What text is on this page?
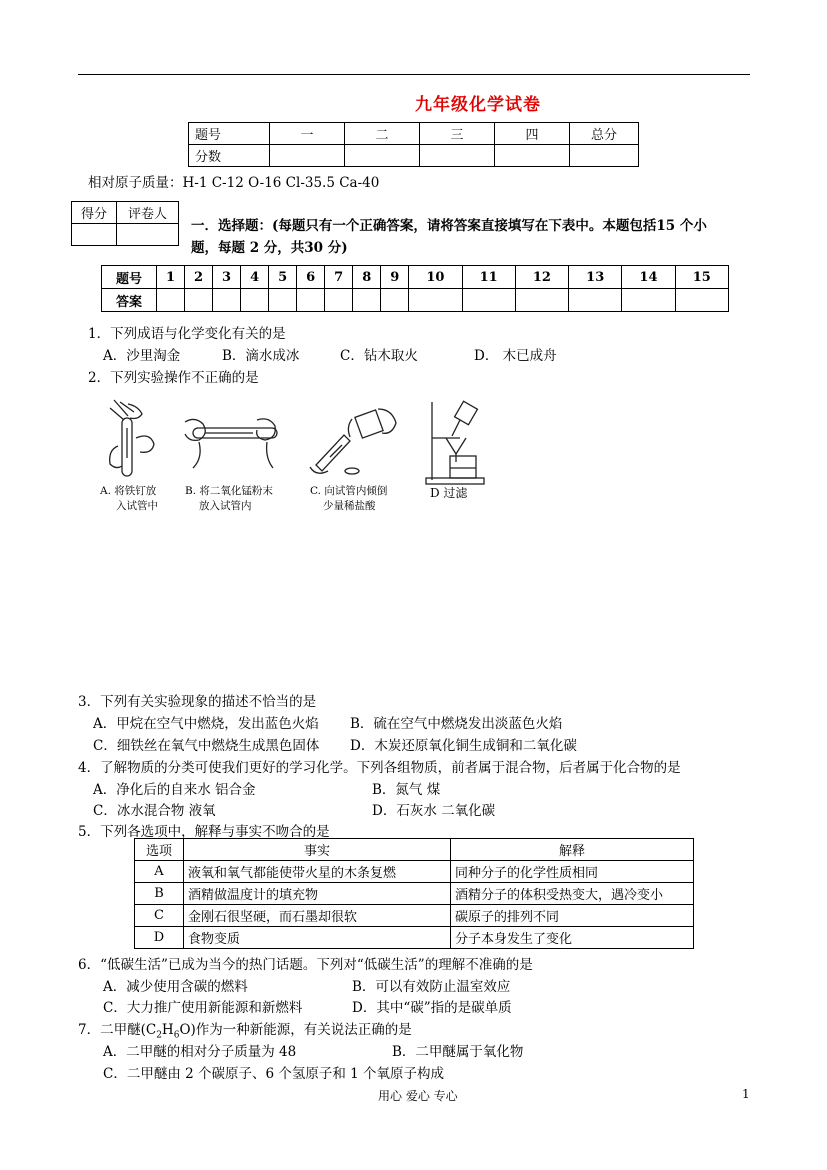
九年级化学试卷
题号	一	二	三	四	总分
分数					
相对原子质量：H-1 C-12 O-16 Cl-35.5 Ca-40
得分	评卷人

一．选择题：(每题只有一个正确答案，请将答案直接填写在下表中。本题包括15 个小
题，每题 2 分，共30 分)
题号	1	2	3	4	5	6	7	8	9	10	11	12	13	14	15
答案															
1．下列成语与化学变化有关的是
A．沙里淘金	B．滴水成冰	C．钻木取火	D． 木已成舟
2．下列实验操作不正确的是
A. 将铁钉放
入试管中
B. 将二氧化锰粉末
放入试管内
C. 向试管内倾倒
少量稀盐酸
D 过滤
3．下列有关实验现象的描述不恰当的是
A．甲烷在空气中燃烧，发出蓝色火焰 B．硫在空气中燃烧发出淡蓝色火焰
C．细铁丝在氧气中燃烧生成黑色固体 D．木炭还原氧化铜生成铜和二氧化碳
4．了解物质的分类可使我们更好的学习化学。下列各组物质，前者属于混合物，后者属于化合物的是
A．净化后的自来水 铝合金	B．氮气 煤
C．冰水混合物 液氧	D．石灰水 二氧化碳
5．下列各选项中，解释与事实不吻合的是
选项	事实	解释
A	液氧和氧气都能使带火星的木条复燃	同种分子的化学性质相同
B	酒精做温度计的填充物	酒精分子的体积受热变大，遇冷变小
C	金刚石很坚硬，而石墨却很软	碳原子的排列不同
D	食物变质	分子本身发生了变化
6．“低碳生活”已成为当今的热门话题。下列对“低碳生活”的理解不准确的是
A．减少使用含碳的燃料	B．可以有效防止温室效应
C．大力推广使用新能源和新燃料	D．其中“碳”指的是碳单质
7．二甲醚$(C_2H_6O)$作为一种新能源，有关说法正确的是
A．二甲醚的相对分子质量为 48	B．二甲醚属于氧化物
C．二甲醚由 2 个碳原子、6 个氢原子和 1 个氧原子构成
用心 爱心 专心	1
